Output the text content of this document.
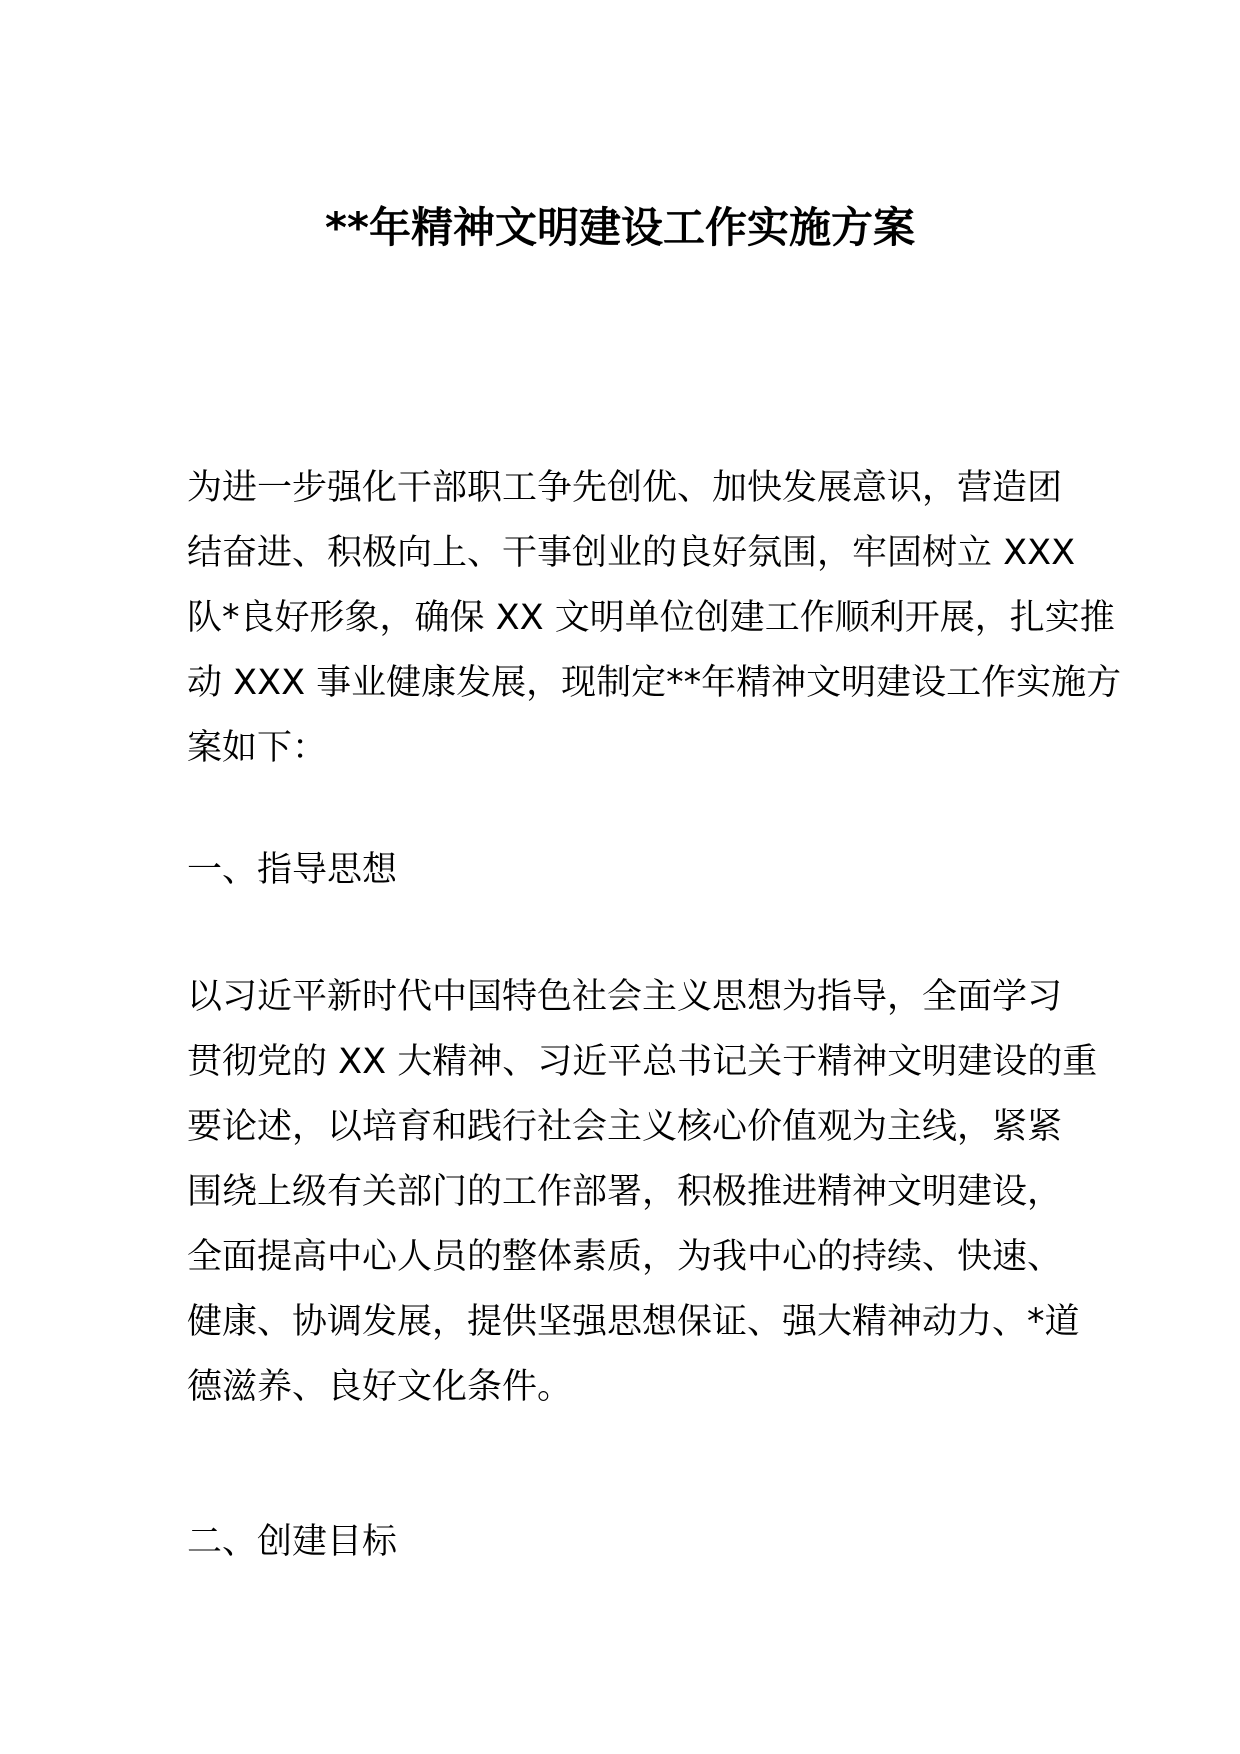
**年精神文明建设工作实施方案
为进一步强化干部职工争先创优、加快发展意识，营造团
结奋进、积极向上、干事创业的良好氛围，牢固树立 XXX
队*良好形象，确保 XX 文明单位创建工作顺利开展，扎实推
动 XXX 事业健康发展，现制定**年精神文明建设工作实施方
案如下：
一、指导思想
以习近平新时代中国特色社会主义思想为指导，全面学习
贯彻党的 XX 大精神、习近平总书记关于精神文明建设的重
要论述，以培育和践行社会主义核心价值观为主线，紧紧
围绕上级有关部门的工作部署，积极推进精神文明建设，
全面提高中心人员的整体素质，为我中心的持续、快速、
健康、协调发展，提供坚强思想保证、强大精神动力、*道
德滋养、良好文化条件。
二、创建目标
